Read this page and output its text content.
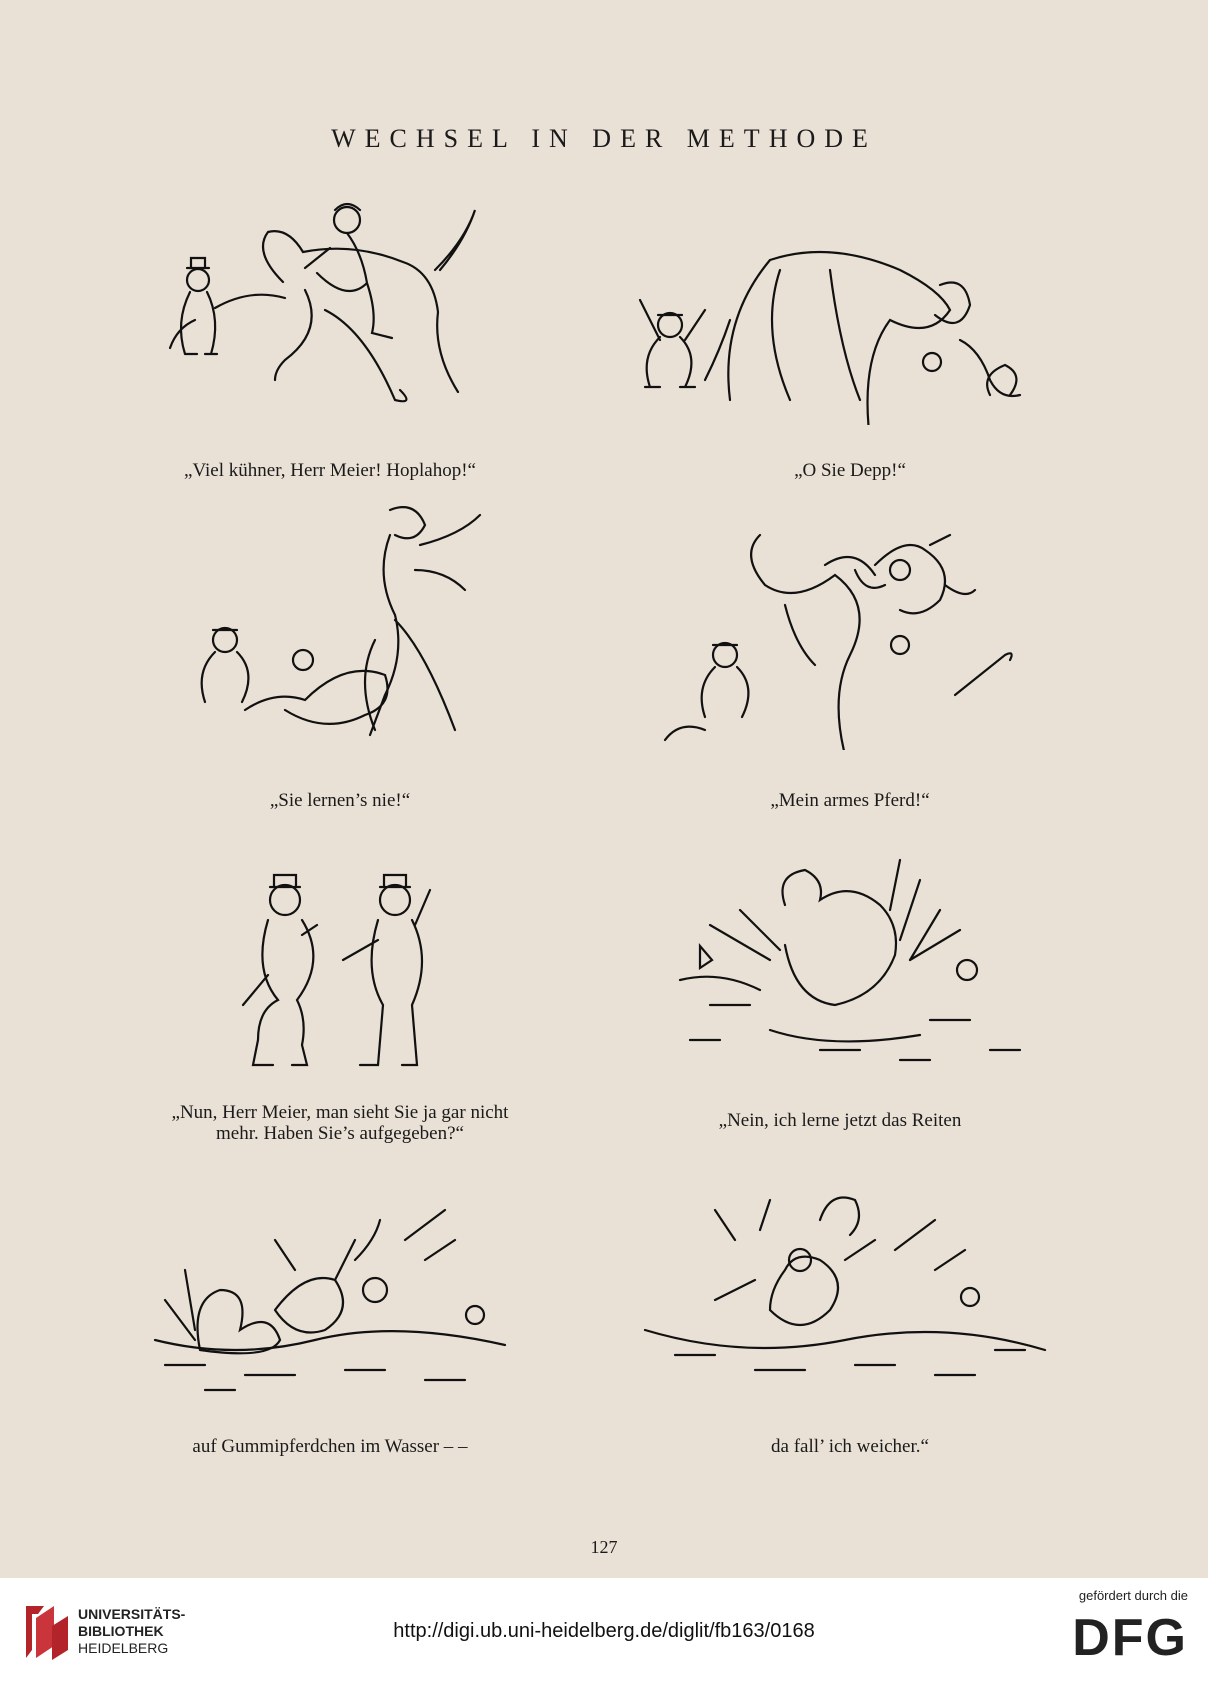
WECHSEL IN DER METHODE
„Viel kühner, Herr Meier! Hoplahop!“	„O Sie Depp!“
„Sie lernen’s nie!“	„Mein armes Pferd!“
„Nun, Herr Meier, man sieht Sie ja gar nicht
mehr. Haben Sie’s aufgegeben?“
„Nein, ich lerne jetzt das Reiten
auf Gummipferdchen im Wasser – –	da fall’ ich weicher.“
127
UNIVERSITÄTS-
BIBLIOTHEK
HEIDELBERG
http://digi.ub.uni-heidelberg.de/diglit/fb163/0168
gefördert durch die
DFG
